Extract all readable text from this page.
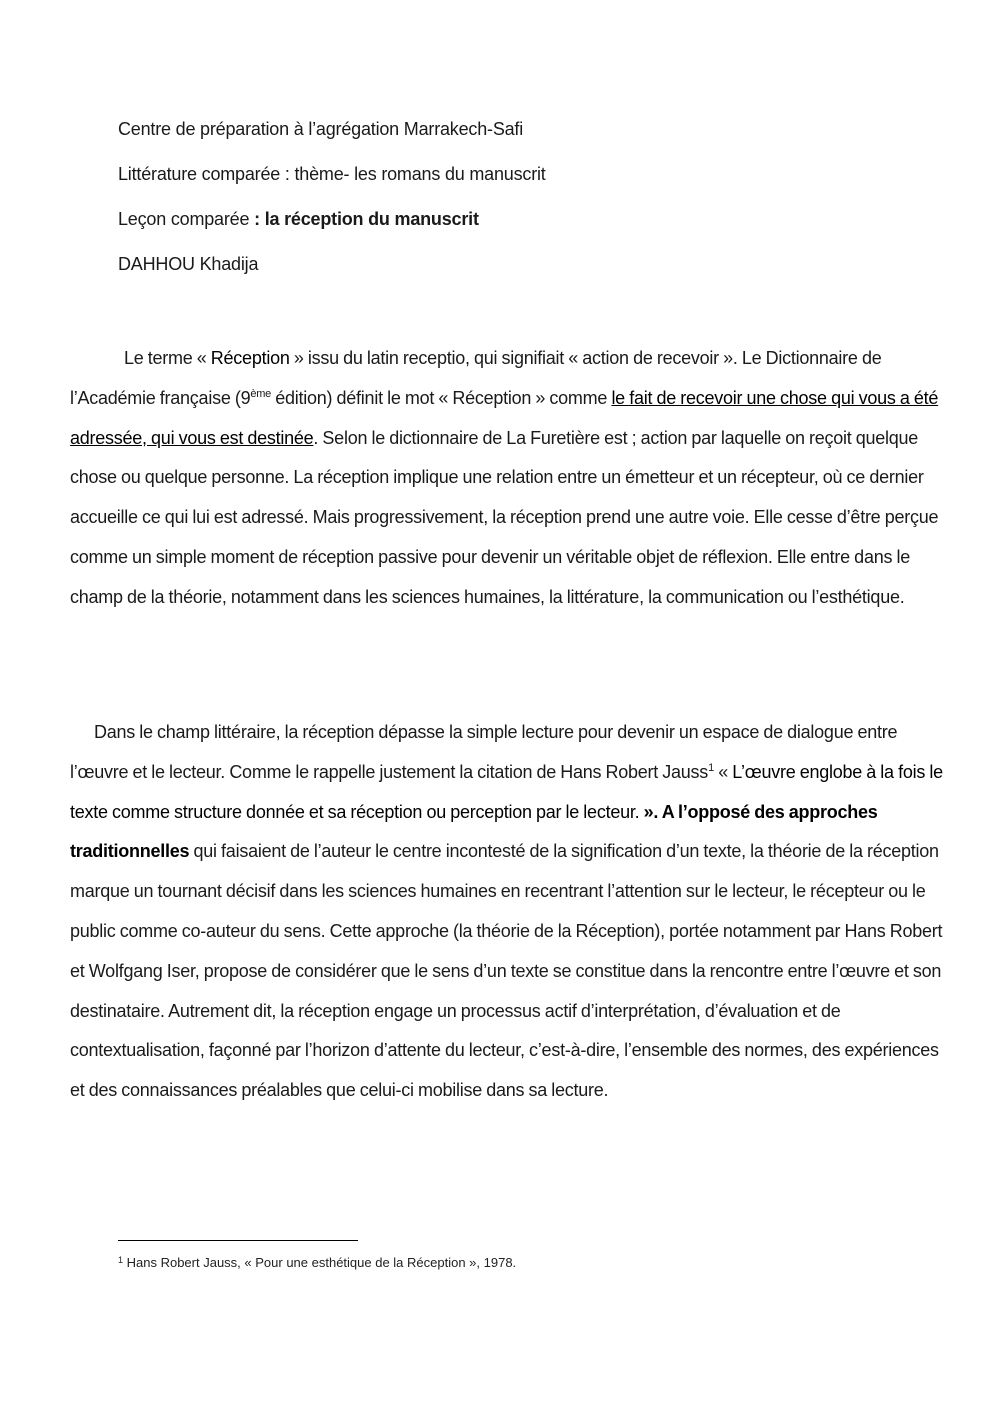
Centre de préparation à l’agrégation Marrakech-Safi
Littérature comparée : thème- les romans du manuscrit
Leçon comparée : la réception du manuscrit
DAHHOU Khadija

Le terme « Réception » issu du latin receptio, qui signifiait « action de recevoir ». Le Dictionnaire de l’Académie française (9ème édition) définit le mot « Réception » comme le fait de recevoir une chose qui vous a été adressée, qui vous est destinée. Selon le dictionnaire de La Furetière est ; action par laquelle on reçoit quelque chose ou quelque personne. La réception implique une relation entre un émetteur et un récepteur, où ce dernier accueille ce qui lui est adressé. Mais progressivement, la réception prend une autre voie. Elle cesse d’être perçue comme un simple moment de réception passive pour devenir un véritable objet de réflexion. Elle entre dans le champ de la théorie, notamment dans les sciences humaines, la littérature, la communication ou l’esthétique.

Dans le champ littéraire, la réception dépasse la simple lecture pour devenir un espace de dialogue entre l’œuvre et le lecteur. Comme le rappelle justement la citation de Hans Robert Jauss$^1$ « L’œuvre englobe à la fois le texte comme structure donnée et sa réception ou perception par le lecteur. ». A l’opposé des approches traditionnelles qui faisaient de l’auteur le centre incontesté de la signification d’un texte, la théorie de la réception marque un tournant décisif dans les sciences humaines en recentrant l’attention sur le lecteur, le récepteur ou le public comme co-auteur du sens. Cette approche (la théorie de la Réception), portée notamment par Hans Robert et Wolfgang Iser, propose de considérer que le sens d’un texte se constitue dans la rencontre entre l’œuvre et son destinataire. Autrement dit, la réception engage un processus actif d’interprétation, d’évaluation et de contextualisation, façonné par l’horizon d’attente du lecteur, c’est-à-dire, l’ensemble des normes, des expériences et des connaissances préalables que celui-ci mobilise dans sa lecture.

$^1$ Hans Robert Jauss, « Pour une esthétique de la Réception », 1978.
